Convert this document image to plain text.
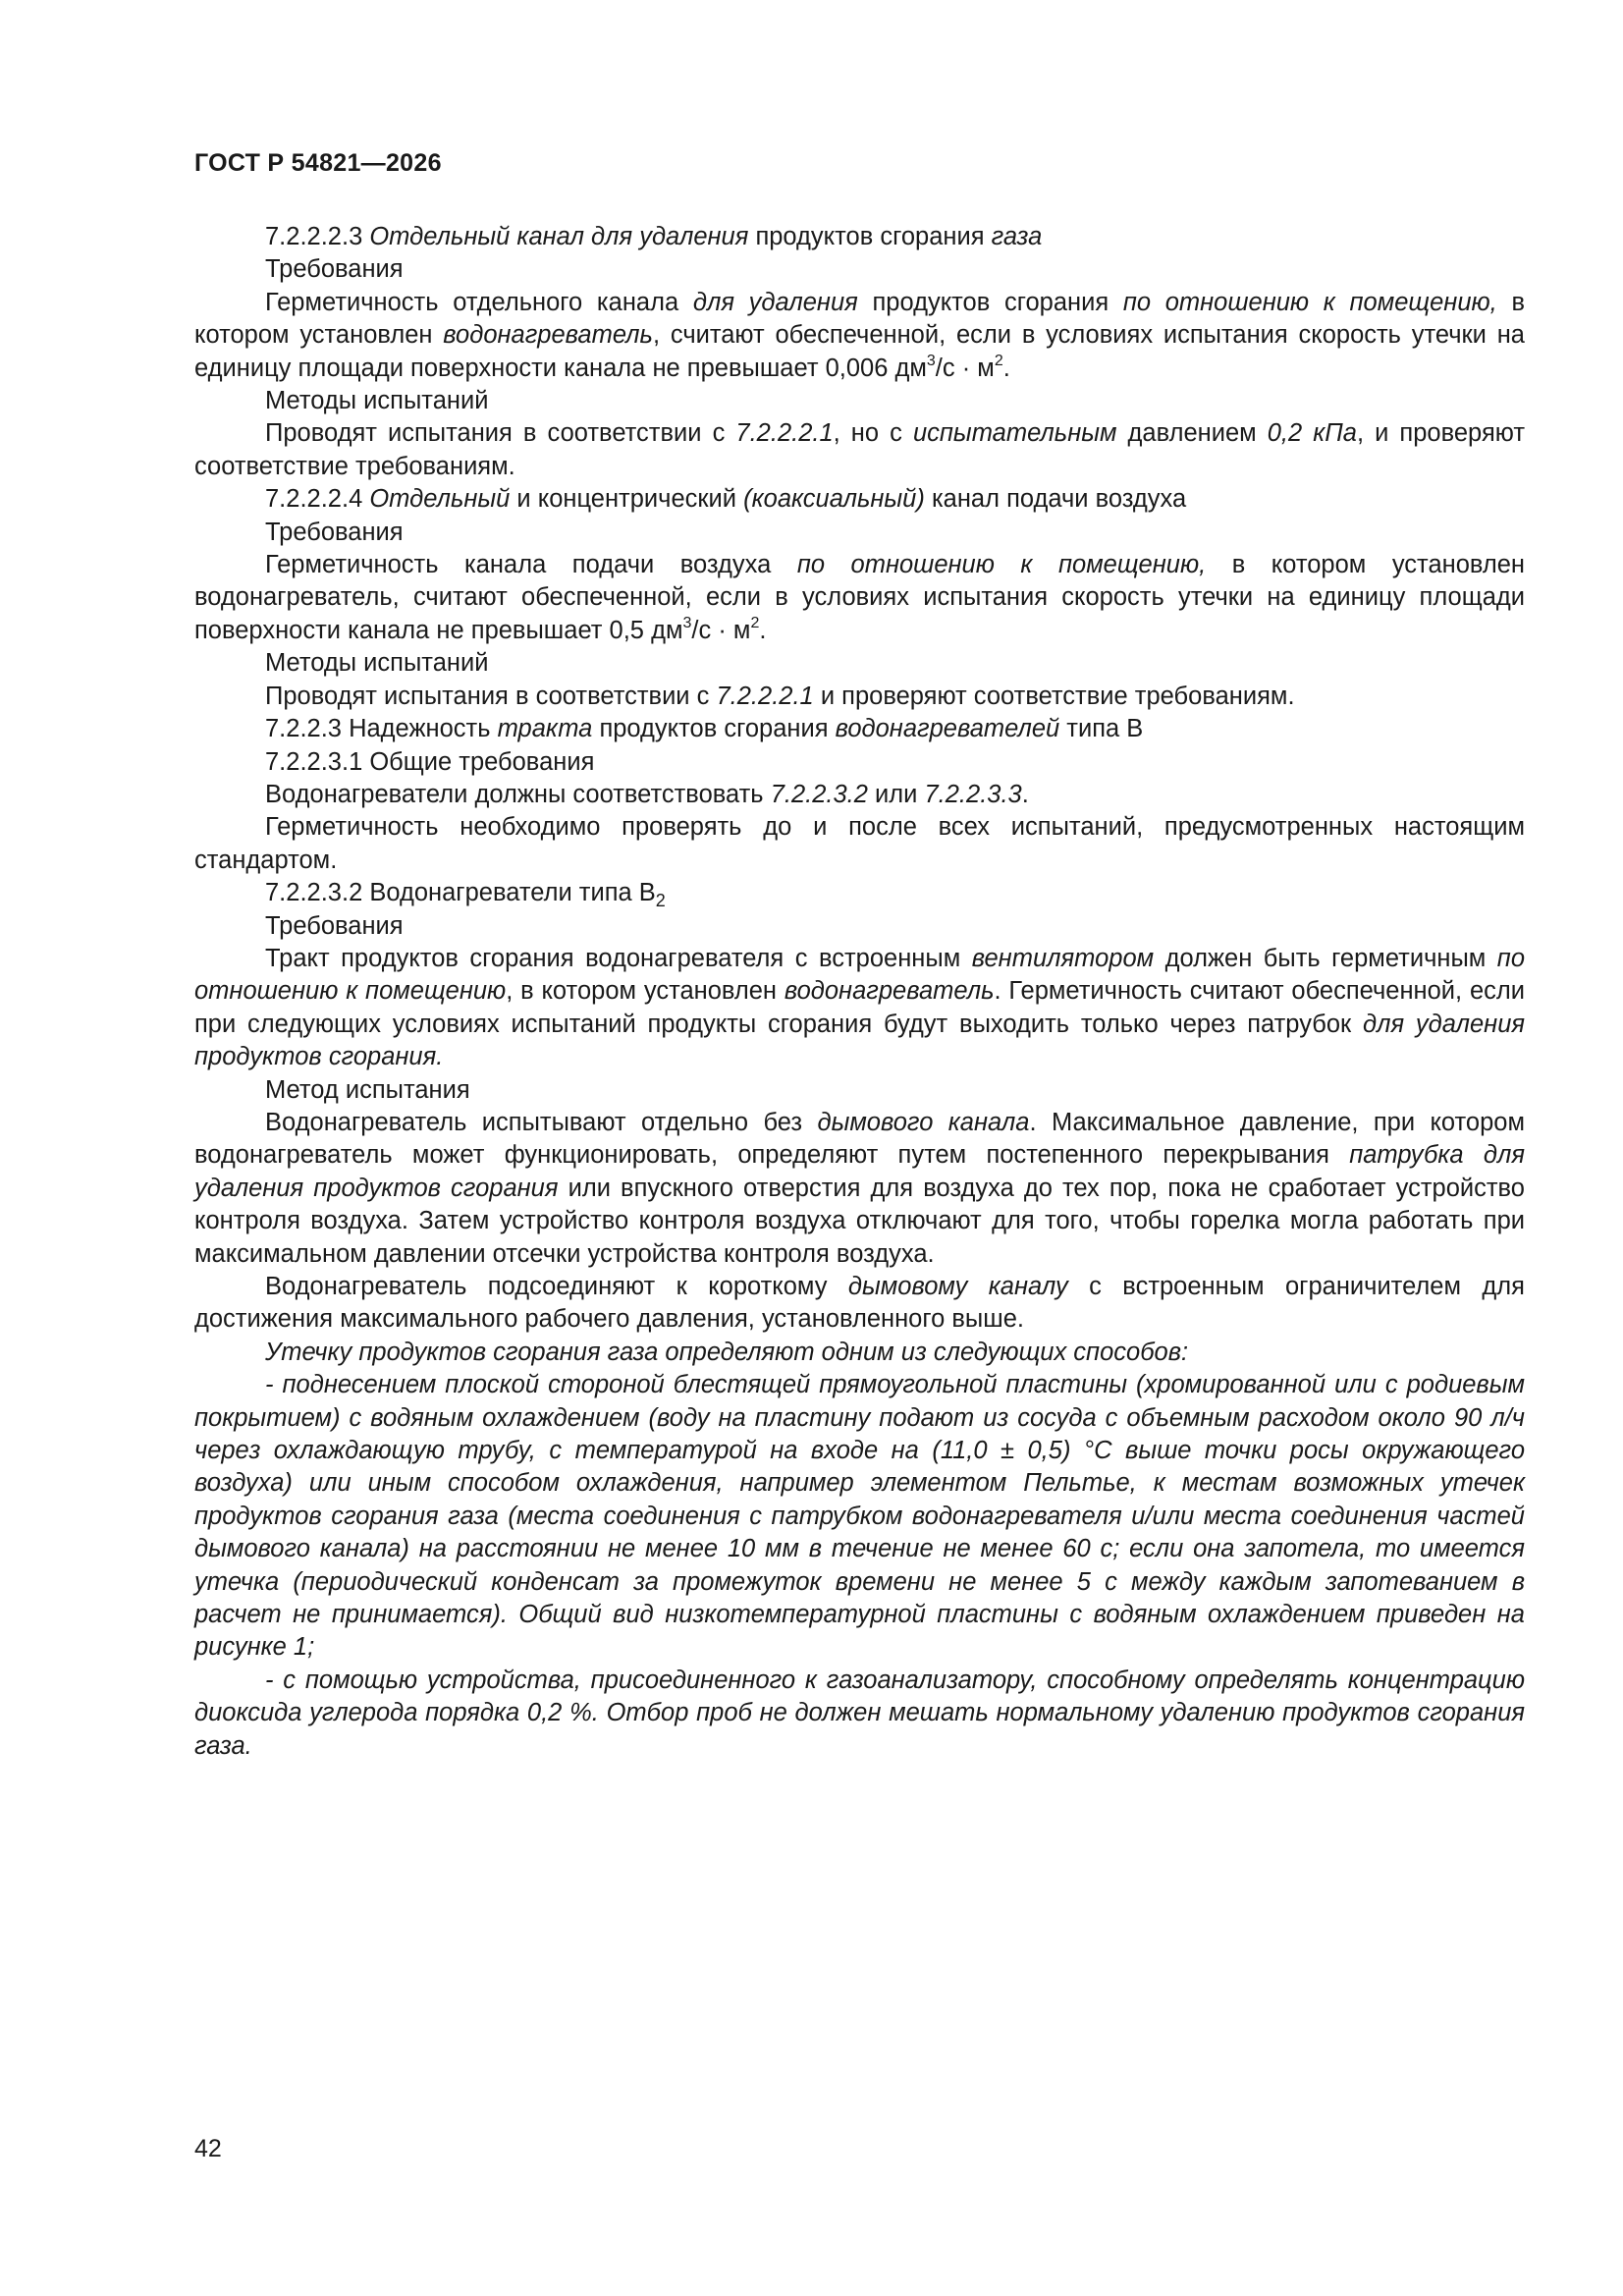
ГОСТ Р 54821—2026

7.2.2.2.3 Отдельный канал для удаления продуктов сгорания газа

Требования

Герметичность отдельного канала для удаления продуктов сгорания по отношению к помещению, в котором установлен водонагреватель, считают обеспеченной, если в условиях испытания скорость утечки на единицу площади поверхности канала не превышает 0,006 $дм^3/с \cdot м^2$.

Методы испытаний

Проводят испытания в соответствии с 7.2.2.2.1, но с испытательным давлением 0,2 кПа, и проверяют соответствие требованиям.

7.2.2.2.4 Отдельный и концентрический (коаксиальный) канал подачи воздуха

Требования

Герметичность канала подачи воздуха по отношению к помещению, в котором установлен водонагреватель, считают обеспеченной, если в условиях испытания скорость утечки на единицу площади поверхности канала не превышает 0,5 $дм^3/с \cdot м^2$.

Методы испытаний

Проводят испытания в соответствии с 7.2.2.2.1 и проверяют соответствие требованиям.

7.2.2.3 Надежность тракта продуктов сгорания водонагревателей типа В

7.2.2.3.1 Общие требования

Водонагреватели должны соответствовать 7.2.2.3.2 или 7.2.2.3.3.

Герметичность необходимо проверять до и после всех испытаний, предусмотренных настоящим стандартом.

7.2.2.3.2 Водонагреватели типа $В_2$

Требования

Тракт продуктов сгорания водонагревателя с встроенным вентилятором должен быть герметичным по отношению к помещению, в котором установлен водонагреватель. Герметичность считают обеспеченной, если при следующих условиях испытаний продукты сгорания будут выходить только через патрубок для удаления продуктов сгорания.

Метод испытания

Водонагреватель испытывают отдельно без дымового канала. Максимальное давление, при котором водонагреватель может функционировать, определяют путем постепенного перекрывания патрубка для удаления продуктов сгорания или впускного отверстия для воздуха до тех пор, пока не сработает устройство контроля воздуха. Затем устройство контроля воздуха отключают для того, чтобы горелка могла работать при максимальном давлении отсечки устройства контроля воздуха.

Водонагреватель подсоединяют к короткому дымовому каналу с встроенным ограничителем для достижения максимального рабочего давления, установленного выше.

Утечку продуктов сгорания газа определяют одним из следующих способов:

- поднесением плоской стороной блестящей прямоугольной пластины (хромированной или с родиевым покрытием) с водяным охлаждением (воду на пластину подают из сосуда с объемным расходом около 90 л/ч через охлаждающую трубу, с температурой на входе на (11,0 ± 0,5) °С выше точки росы окружающего воздуха) или иным способом охлаждения, например элементом Пельтье, к местам возможных утечек продуктов сгорания газа (места соединения с патрубком водонагревателя и/или места соединения частей дымового канала) на расстоянии не менее 10 мм в течение не менее 60 с; если она запотела, то имеется утечка (периодический конденсат за промежуток времени не менее 5 с между каждым запотеванием в расчет не принимается). Общий вид низкотемпературной пластины с водяным охлаждением приведен на рисунке 1;

- с помощью устройства, присоединенного к газоанализатору, способному определять концентрацию диоксида углерода порядка 0,2 %. Отбор проб не должен мешать нормальному удалению продуктов сгорания газа.

42
